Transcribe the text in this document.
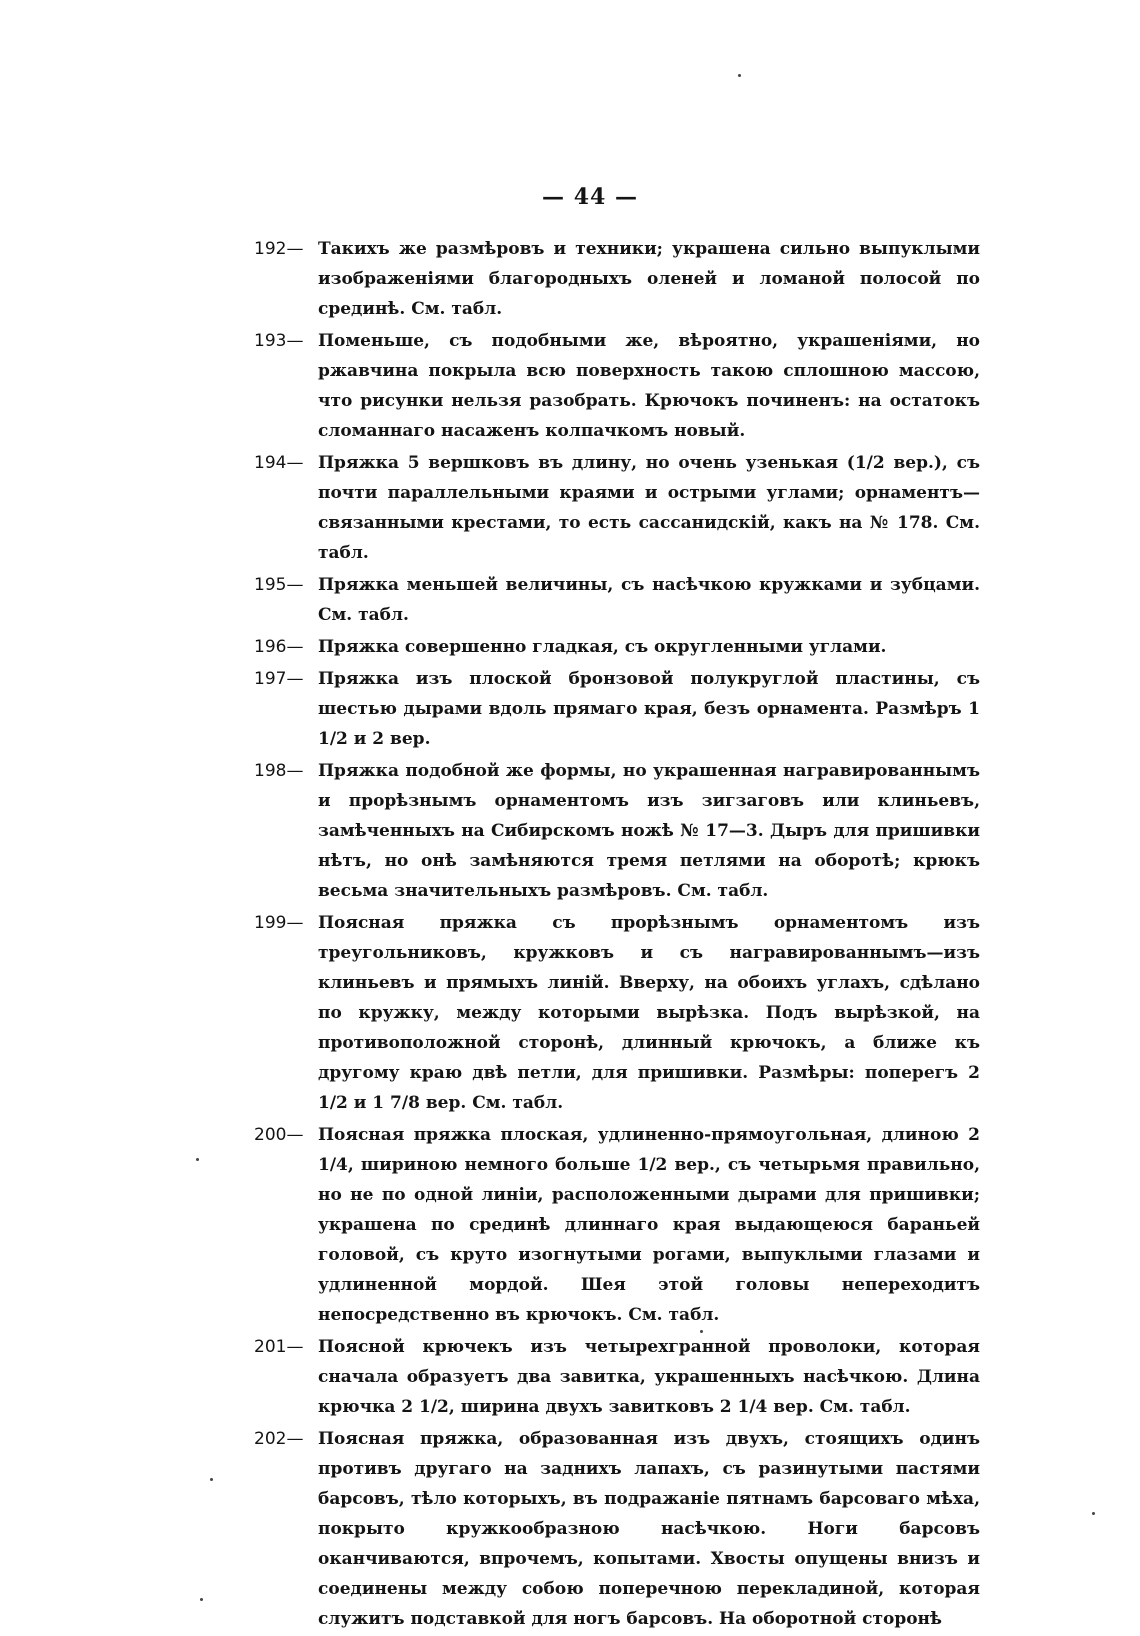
— 44 —
192— Такихъ же размѣровъ и техники; украшена сильно выпуклыми изображеніями благородныхъ оленей и ломаной полосой по срединѣ. См. табл.
193— Поменьше, съ подобными же, вѣроятно, украшеніями, но ржавчина покрыла всю поверхность такою сплошною массою, что рисунки нельзя разобрать. Крючокъ починенъ: на остатокъ сломаннаго насаженъ колпачкомъ новый.
194— Пряжка 5 вершковъ въ длину, но очень узенькая (1/2 вер.), съ почти параллельными краями и острыми углами; орнаментъ—связанными крестами, то есть сассанидскій, какъ на № 178. См. табл.
195— Пряжка меньшей величины, съ насѣчкою кружками и зубцами. См. табл.
196— Пряжка совершенно гладкая, съ округленными углами.
197— Пряжка изъ плоской бронзовой полукруглой пластины, съ шестью дырами вдоль прямаго края, безъ орнамента. Размѣръ 1 1/2 и 2 вер.
198— Пряжка подобной же формы, но украшенная награвированнымъ и прорѣзнымъ орнаментомъ изъ зигзаговъ или клиньевъ, замѣченныхъ на Сибирскомъ ножѣ № 17—3. Дыръ для пришивки нѣтъ, но онѣ замѣняются тремя петлями на оборотѣ; крюкъ весьма значительныхъ размѣровъ. См. табл.
199— Поясная пряжка съ прорѣзнымъ орнаментомъ изъ треугольниковъ, кружковъ и съ награвированнымъ—изъ клиньевъ и прямыхъ линій. Вверху, на обоихъ углахъ, сдѣлано по кружку, между которыми вырѣзка. Подъ вырѣзкой, на противоположной сторонѣ, длинный крючокъ, а ближе къ другому краю двѣ петли, для пришивки. Размѣры: поперегъ 2 1/2 и 1 7/8 вер. См. табл.
200— Поясная пряжка плоская, удлиненно-прямоугольная, длиною 2 1/4, шириною немного больше 1/2 вер., съ четырьмя правильно, но не по одной линіи, расположенными дырами для пришивки; украшена по срединѣ длиннаго края выдающеюся бараньей головой, съ круто изогнутыми рогами, выпуклыми глазами и удлиненной мордой. Шея этой головы непереходитъ непосредственно въ крючокъ. См. табл.
201— Поясной крючекъ изъ четырехгранной проволоки, которая сначала образуетъ два завитка, украшенныхъ насѣчкою. Длина крючка 2 1/2, ширина двухъ завитковъ 2 1/4 вер. См. табл.
202— Поясная пряжка, образованная изъ двухъ, стоящихъ одинъ противъ другаго на заднихъ лапахъ, съ разинутыми пастями барсовъ, тѣло которыхъ, въ подражаніе пятнамъ барсоваго мѣха, покрыто кружкообразною насѣчкою. Ноги барсовъ оканчиваются, впрочемъ, копытами. Хвосты опущены внизъ и соединены между собою поперечною перекладиной, которая служитъ подставкой для ногъ барсовъ. На оборотной сторонѣ
